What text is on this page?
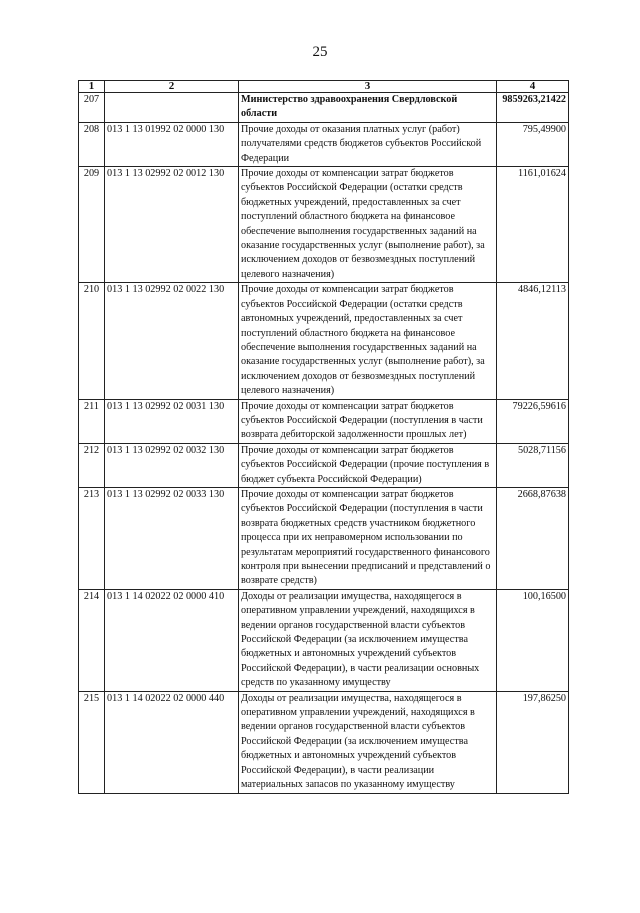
25
1	2	3	4
207		Министерство здравоохранения Свердловской области	9859263,21422
208	013 1 13 01992 02 0000 130	Прочие доходы от оказания платных услуг (работ) получателями средств бюджетов субъектов Российской Федерации	795,49900
209	013 1 13 02992 02 0012 130	Прочие доходы от компенсации затрат бюджетов субъектов Российской Федерации (остатки средств бюджетных учреждений, предоставленных за счет поступлений областного бюджета на финансовое обеспечение выполнения государственных заданий на оказание государственных услуг (выполнение работ), за исключением доходов от безвозмездных поступлений целевого назначения)	1161,01624
210	013 1 13 02992 02 0022 130	Прочие доходы от компенсации затрат бюджетов субъектов Российской Федерации (остатки средств автономных учреждений, предоставленных за счет поступлений областного бюджета на финансовое обеспечение выполнения государственных заданий на оказание государственных услуг (выполнение работ), за исключением доходов от безвозмездных поступлений целевого назначения)	4846,12113
211	013 1 13 02992 02 0031 130	Прочие доходы от компенсации затрат бюджетов субъектов Российской Федерации (поступления в части возврата дебиторской задолженности прошлых лет)	79226,59616
212	013 1 13 02992 02 0032 130	Прочие доходы от компенсации затрат бюджетов субъектов Российской Федерации (прочие поступления в бюджет субъекта Российской Федерации)	5028,71156
213	013 1 13 02992 02 0033 130	Прочие доходы от компенсации затрат бюджетов субъектов Российской Федерации (поступления в части возврата бюджетных средств участником бюджетного процесса при их неправомерном использовании по результатам мероприятий государственного финансового контроля при вынесении предписаний и представлений о возврате средств)	2668,87638
214	013 1 14 02022 02 0000 410	Доходы от реализации имущества, находящегося в оперативном управлении учреждений, находящихся в ведении органов государственной власти субъектов Российской Федерации (за исключением имущества бюджетных и автономных учреждений субъектов Российской Федерации), в части реализации основных средств по указанному имуществу	100,16500
215	013 1 14 02022 02 0000 440	Доходы от реализации имущества, находящегося в оперативном управлении учреждений, находящихся в ведении органов государственной власти субъектов Российской Федерации (за исключением имущества бюджетных и автономных учреждений субъектов Российской Федерации), в части реализации материальных запасов по указанному имуществу	197,86250
